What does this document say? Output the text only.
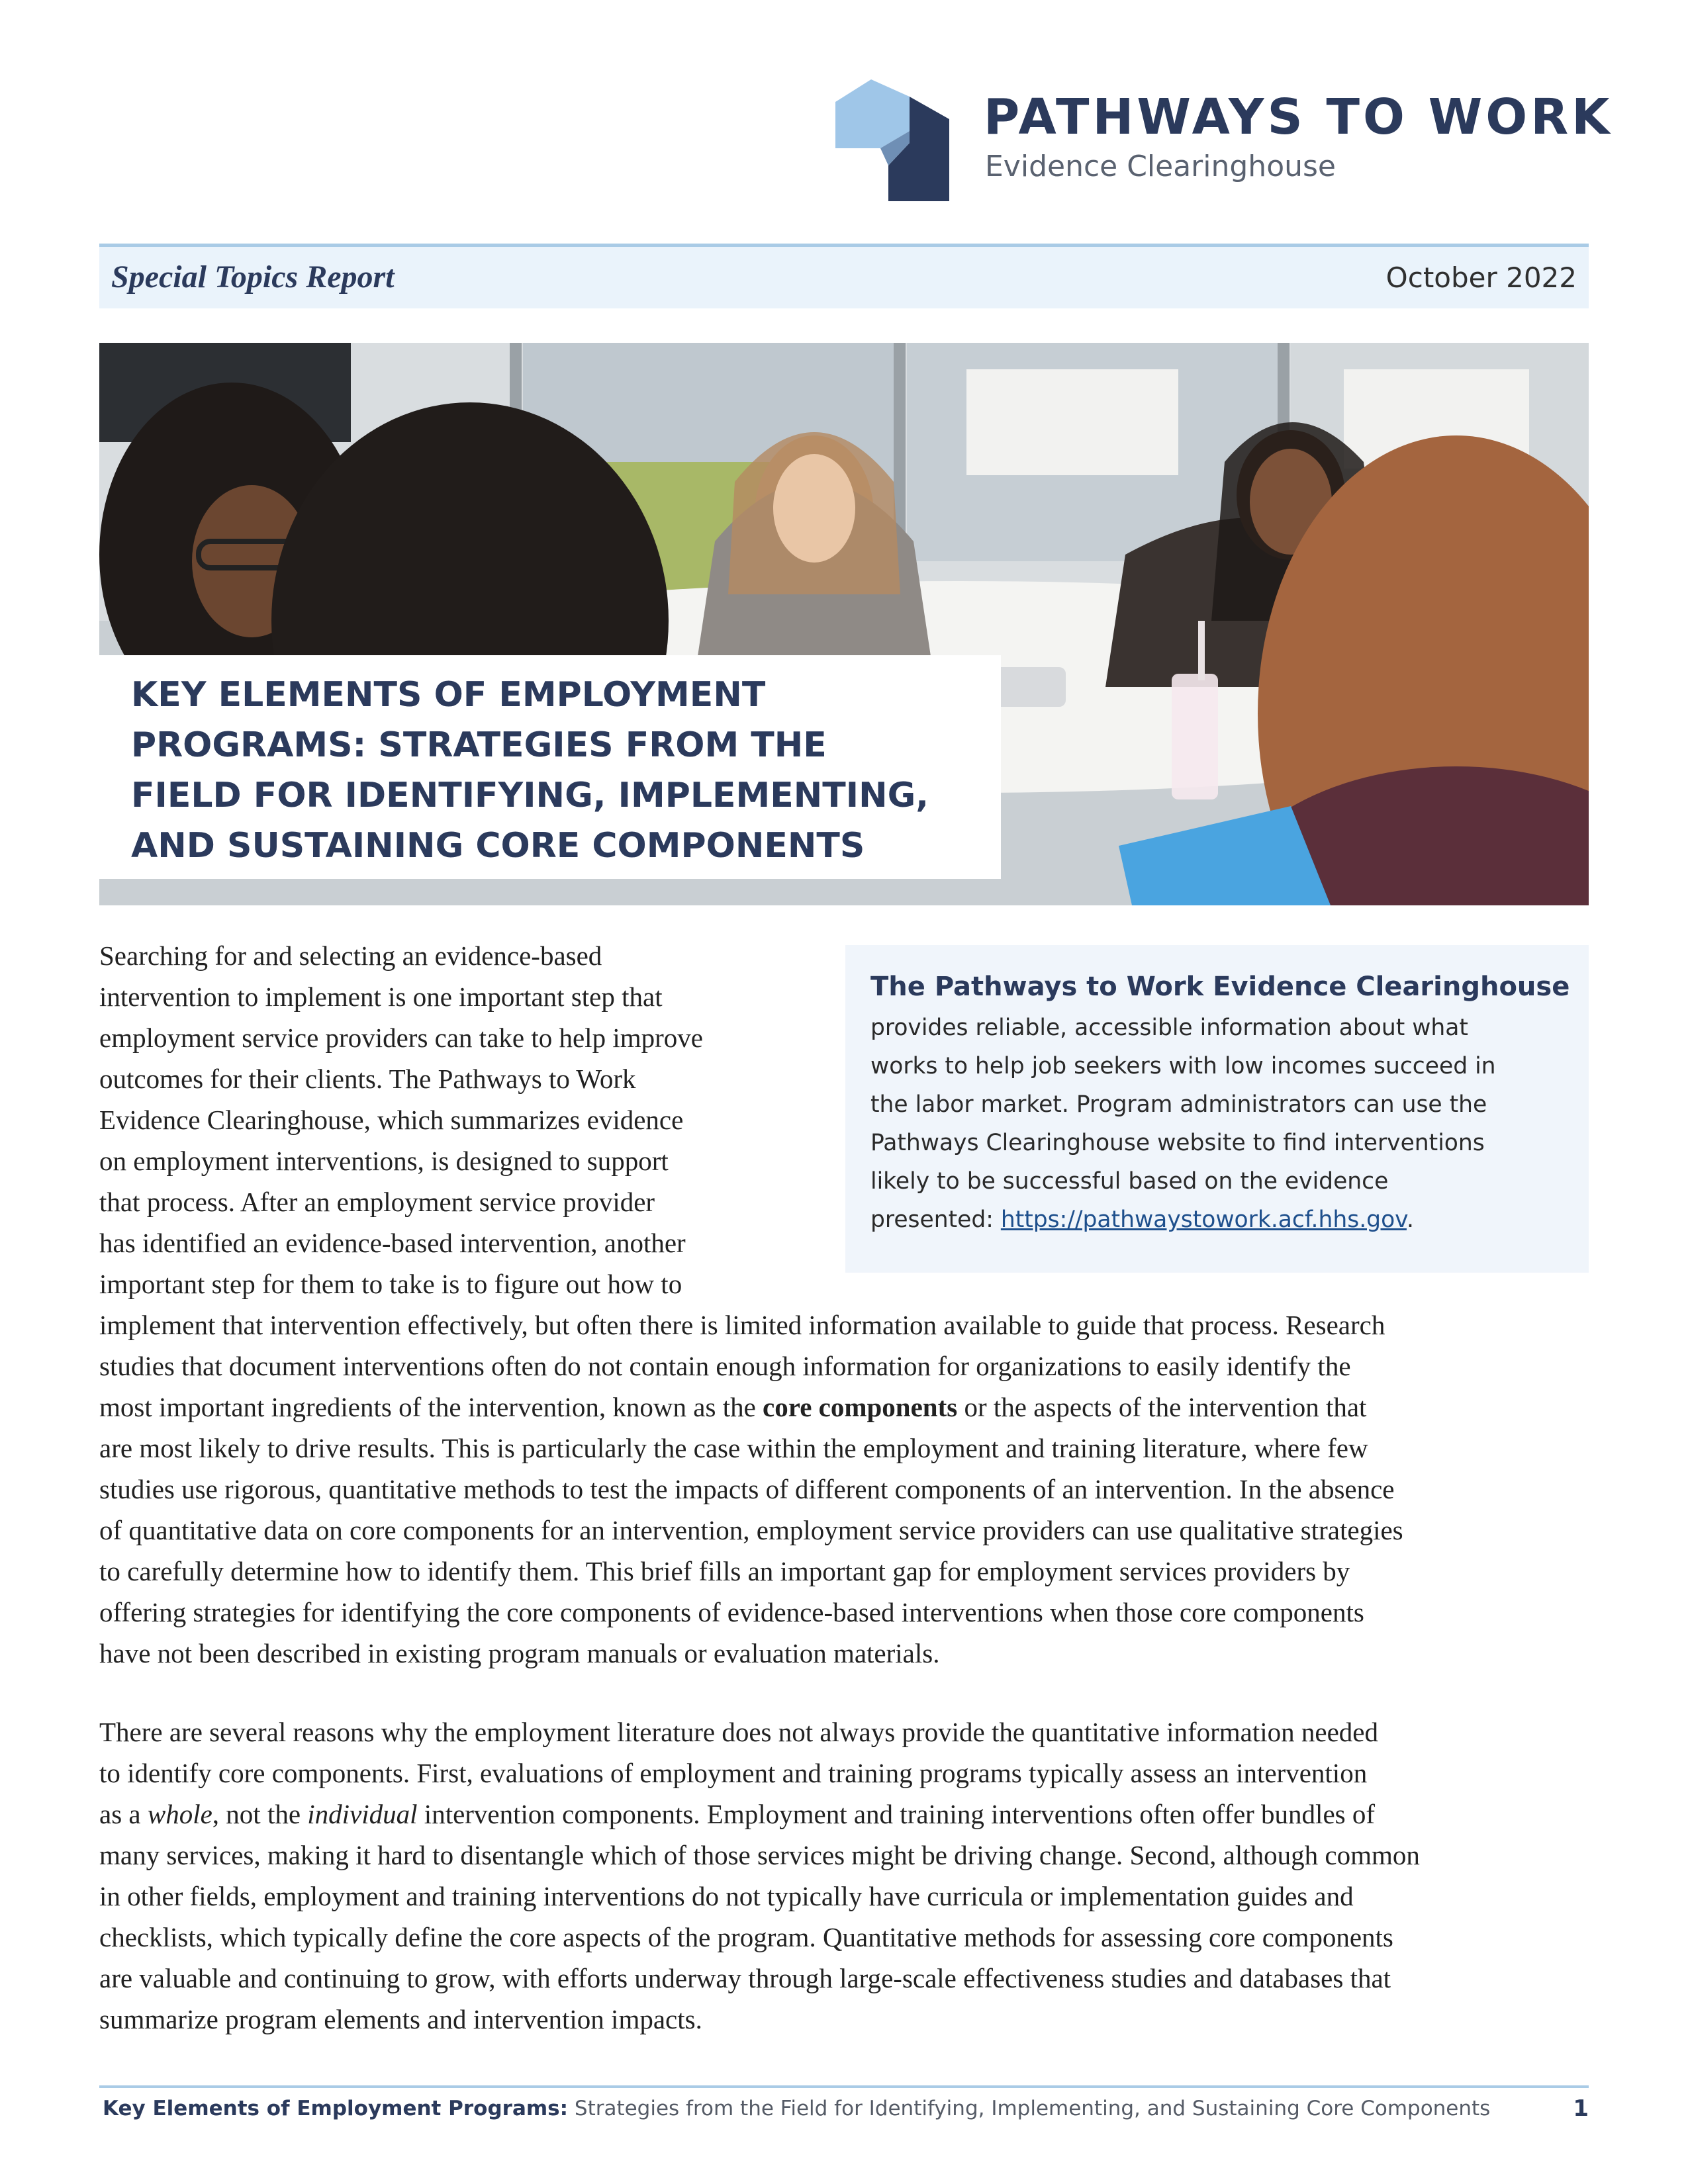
PATHWAYS TO WORK
Evidence Clearinghouse
Special Topics Report	October 2022
KEY ELEMENTS OF EMPLOYMENT
PROGRAMS: STRATEGIES FROM THE
FIELD FOR IDENTIFYING, IMPLEMENTING,
AND SUSTAINING CORE COMPONENTS

The Pathways to Work Evidence Clearinghouse

provides reliable, accessible information about what
works to help job seekers with low incomes succeed in
the labor market. Program administrators can use the
Pathways Clearinghouse website to find interventions
likely to be successful based on the evidence
presented: https://pathwaystowork.acf.hhs.gov.

Searching for and selecting an evidence-based
intervention to implement is one important step that
employment service providers can take to help improve
outcomes for their clients. The Pathways to Work
Evidence Clearinghouse, which summarizes evidence
on employment interventions, is designed to support
that process. After an employment service provider
has identified an evidence-based intervention, another
important step for them to take is to figure out how to
implement that intervention effectively, but often there is limited information available to guide that process. Research
studies that document interventions often do not contain enough information for organizations to easily identify the
most important ingredients of the intervention, known as the core components or the aspects of the intervention that
are most likely to drive results. This is particularly the case within the employment and training literature, where few
studies use rigorous, quantitative methods to test the impacts of different components of an intervention. In the absence
of quantitative data on core components for an intervention, employment service providers can use qualitative strategies
to carefully determine how to identify them. This brief fills an important gap for employment services providers by
offering strategies for identifying the core components of evidence-based interventions when those core components
have not been described in existing program manuals or evaluation materials.
There are several reasons why the employment literature does not always provide the quantitative information needed
to identify core components. First, evaluations of employment and training programs typically assess an intervention
as a whole, not the individual intervention components. Employment and training interventions often offer bundles of
many services, making it hard to disentangle which of those services might be driving change. Second, although common
in other fields, employment and training interventions do not typically have curricula or implementation guides and
checklists, which typically define the core aspects of the program. Quantitative methods for assessing core components
are valuable and continuing to grow, with efforts underway through large-scale effectiveness studies and databases that
summarize program elements and intervention impacts.
Key Elements of Employment Programs: Strategies from the Field for Identifying, Implementing, and Sustaining Core Components	1
